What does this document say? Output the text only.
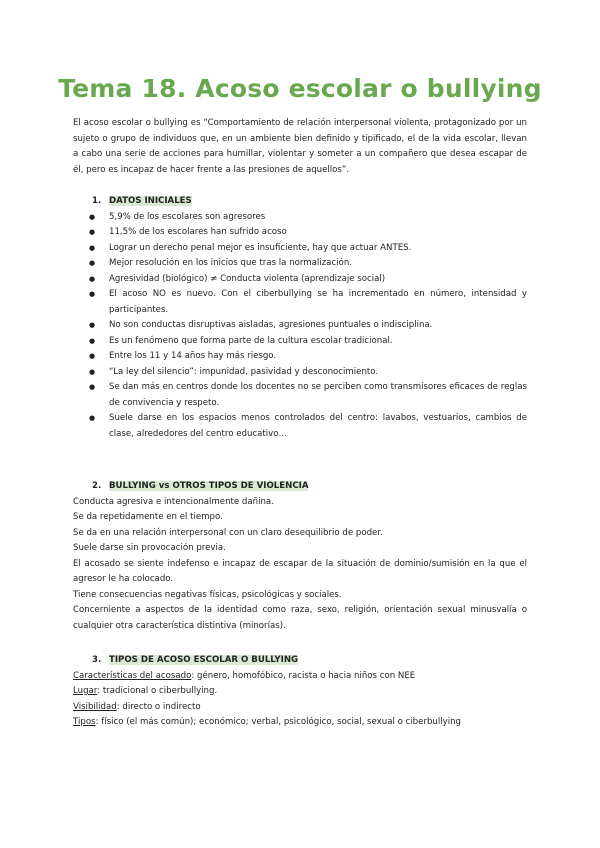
Tema 18. Acoso escolar o bullying
El acoso escolar o bullying es “Comportamiento de relación interpersonal violenta, protagonizado por un sujeto o grupo de individuos que, en un ambiente bien definido y tipificado, el de la vida escolar, llevan a cabo una serie de acciones para humillar, violentar y someter a un compañero que desea escapar de él, pero es incapaz de hacer frente a las presiones de aquellos”.
1. DATOS INICIALES
● 5,9% de los escolares son agresores
● 11,5% de los escolares han sufrido acoso
● Lograr un derecho penal mejor es insuficiente, hay que actuar ANTES.
● Mejor resolución en los inicios que tras la normalización.
● Agresividad (biológico) ≠ Conducta violenta (aprendizaje social)
● El acoso NO es nuevo. Con el ciberbullying se ha incrementado en número, intensidad y participantes.
● No son conductas disruptivas aisladas, agresiones puntuales o indisciplina.
● Es un fenómeno que forma parte de la cultura escolar tradicional.
● Entre los 11 y 14 años hay más riesgo.
● “La ley del silencio”: impunidad, pasividad y desconocimiento.
● Se dan más en centros donde los docentes no se perciben como transmisores eficaces de reglas de convivencia y respeto.
● Suele darse en los espacios menos controlados del centro: lavabos, vestuarios, cambios de clase, alrededores del centro educativo…
2. BULLYING vs OTROS TIPOS DE VIOLENCIA

Conducta agresiva e intencionalmente dañina.

Se da repetidamente en el tiempo.

Se da en una relación interpersonal con un claro desequilibrio de poder.

Suele darse sin provocación previa.

El acosado se siente indefenso e incapaz de escapar de la situación de dominio/sumisión en la que el agresor le ha colocado.

Tiene consecuencias negativas físicas, psicológicas y sociales.

Concerniente a aspectos de la identidad como raza, sexo, religión, orientación sexual minusvalía o cualquier otra característica distintiva (minorías).

3. TIPOS DE ACOSO ESCOLAR O BULLYING

Características del acosado: género, homofóbico, racista o hacia niños con NEE

Lugar: tradicional o ciberbullying.

Visibilidad: directo o indirecto

Tipos: físico (el más común); económico; verbal, psicológico, social, sexual o ciberbullying
